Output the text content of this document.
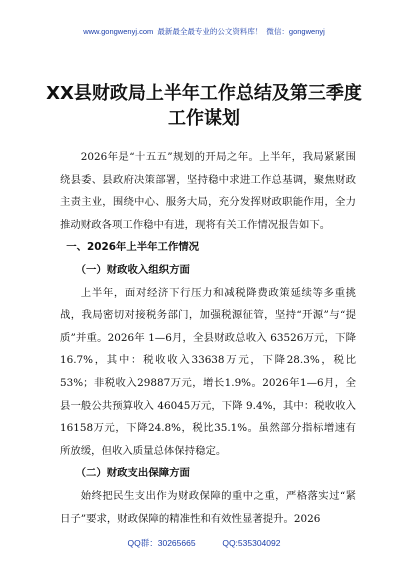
www.gongwenyj.com 最新最全最专业的公文资料库！ 微信：gongwenyj
XX县财政局上半年工作总结及第三季度
工作谋划

2026年是“十五五”规划的开局之年。上半年，我局紧紧围绕县委、县政府决策部署，坚持稳中求进工作总基调，聚焦财政主责主业，围绕中心、服务大局，充分发挥财政职能作用，全力推动财政各项工作稳中有进，现将有关工作情况报告如下。

一、2026年上半年工作情况

（一）财政收入组织方面

上半年，面对经济下行压力和减税降费政策延续等多重挑战，我局密切对接税务部门，加强税源征管，坚持“开源”与“提质”并重。2026年 1—6月，全县财政总收入 63526万元，下降 16.7%，其中：税收收入33638万元，下降28.3%，税比53%；非税收入29887万元，增长1.9%。2026年1—6月，全县一般公共预算收入 46045万元，下降 9.4%，其中：税收收入16158万元，下降24.8%，税比35.1%。虽然部分指标增速有所放缓，但收入质量总体保持稳定。

（二）财政支出保障方面

始终把民生支出作为财政保障的重中之重，严格落实过“紧日子”要求，财政保障的精准性和有效性显著提升。2026

QQ群：30265665	QQ:535304092
